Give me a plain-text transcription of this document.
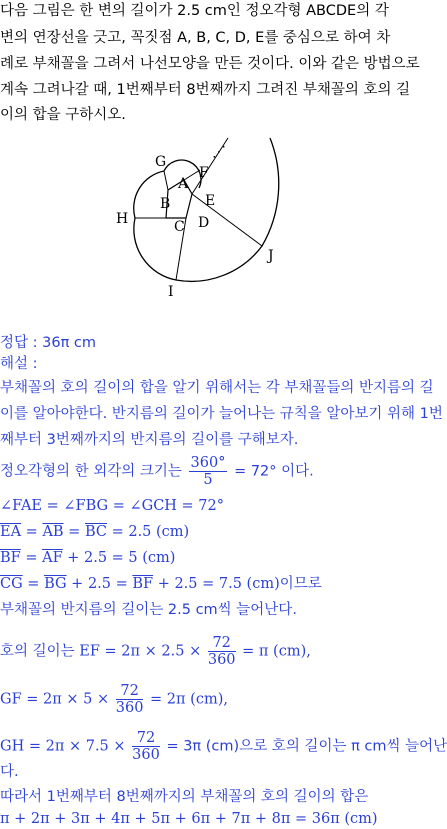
다음 그림은 한 변의 길이가 2.5 cm인 정오각형 ABCDE의 각
변의 연장선을 긋고, 꼭짓점 A, B, C, D, E를 중심으로 하여 차
례로 부채꼴을 그려서 나선모양을 만든 것이다. 이와 같은 방법으로
계속 그려나갈 때, 1번째부터 8번째까지 그려진 부채꼴의 호의 길
이의 합을 구하시오.
A
B
C D
E
F
G
H
I
J
⋰
정답 : 36π cm
해설 :
부채꼴의 호의 길이의 합을 알기 위해서는 각 부채꼴들의 반지름의 길
이를 알아야한다. 반지름의 길이가 늘어나는 규칙을 알아보기 위해 1번
째부터 3번째까지의 반지름의 길이를 구해보자.
정오각형의 한 외각의 크기는 $\frac{360^\circ}{5} = 72^\circ$ 이다.
∠FAE = ∠FBG = ∠GCH = 72°
$\overline{EA} = \overline{AB} = \overline{BC} = 2.5$ (cm)
$\overline{BF} = \overline{AF} + 2.5 = 5$ (cm)
$\overline{CG} = \overline{BG} + 2.5 = \overline{BF} + 2.5 = 7.5$ (cm)이므로
부채꼴의 반지름의 길이는 2.5 cm씩 늘어난다.
호의 길이는 EF = $2\pi \times 2.5 \times \frac{72}{360} = \pi$ (cm),
GF = $2\pi \times 5 \times \frac{72}{360} = 2\pi$ (cm),
GH = $2\pi \times 7.5 \times \frac{72}{360} = 3\pi$ (cm)으로 호의 길이는 π cm씩 늘어난
다.
따라서 1번째부터 8번째까지의 부채꼴의 호의 길이의 합은
π + 2π + 3π + 4π + 5π + 6π + 7π + 8π = 36π (cm)
